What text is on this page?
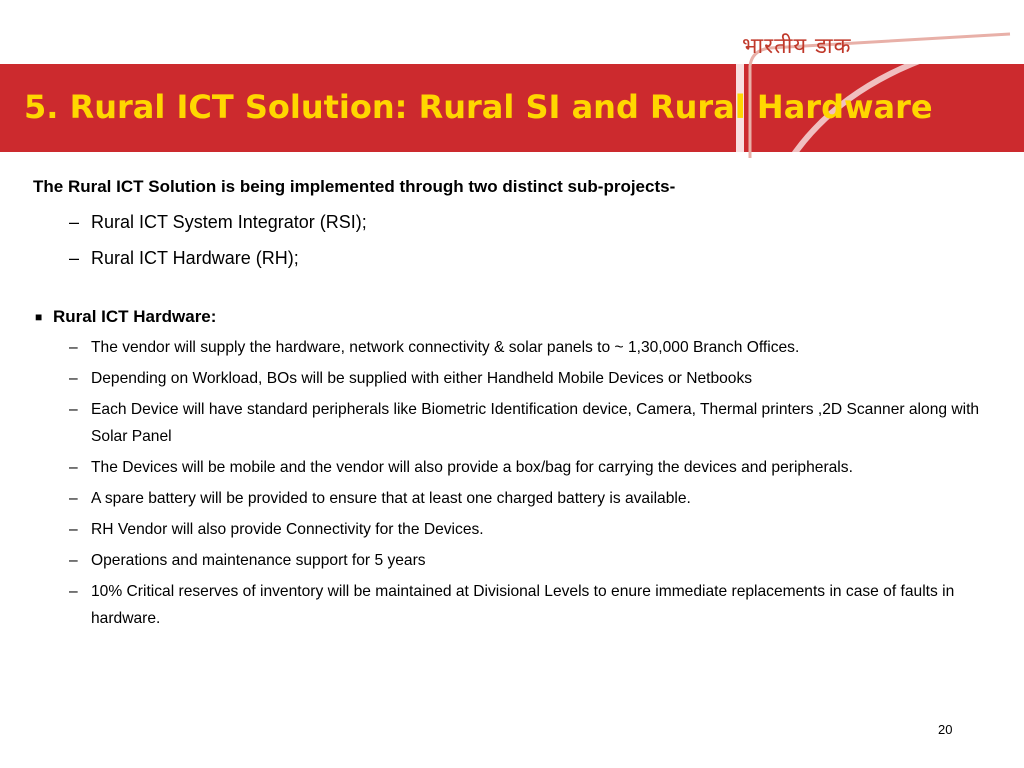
भारतीय डाक
5. Rural ICT Solution: Rural SI and Rural Hardware

The Rural ICT Solution is being implemented through two distinct sub-projects-

– Rural ICT System Integrator (RSI);
– Rural ICT Hardware (RH);
■ Rural ICT Hardware:
– The vendor will supply the hardware, network connectivity & solar panels to ~ 1,30,000 Branch Offices.
– Depending on Workload, BOs will be supplied with either Handheld Mobile Devices or Netbooks
– Each Device will have standard peripherals like Biometric Identification device, Camera, Thermal printers ,2D Scanner along with Solar Panel
– The Devices will be mobile and the vendor will also provide a box/bag for carrying the devices and peripherals.
– A spare battery will be provided to ensure that at least one charged battery is available.
– RH Vendor will also provide Connectivity for the Devices.
– Operations and maintenance support for 5 years
– 10% Critical reserves of inventory will be maintained at Divisional Levels to enure immediate replacements in case of faults in hardware.
20
